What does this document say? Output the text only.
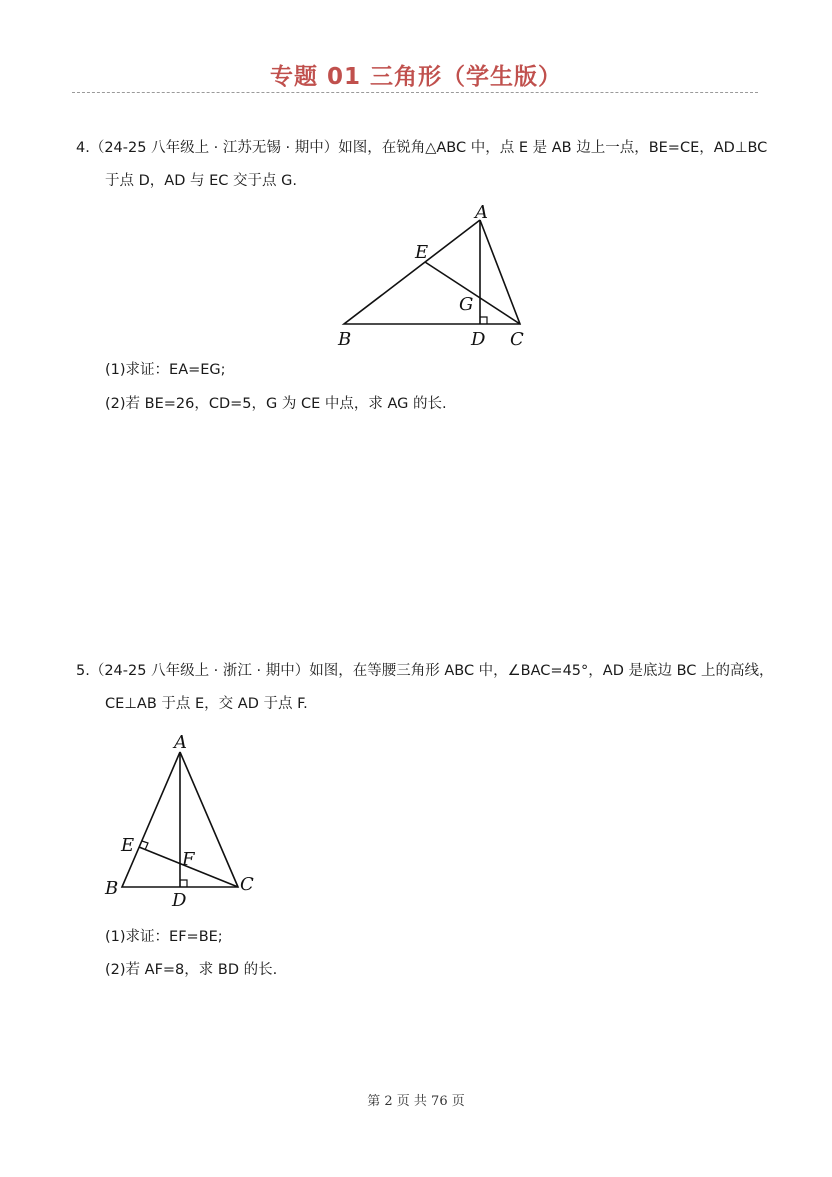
专题 01 三角形（学生版）
4.（24-25 八年级上 · 江苏无锡 · 期中）如图，在锐角△ABC 中，点 E 是 AB 边上一点，BE=CE，AD⊥BC
于点 D，AD 与 EC 交于点 G.
A
E
G
B	D C
(1)求证：EA=EG;
(2)若 BE=26，CD=5，G 为 CE 中点，求 AG 的长.
5.（24-25 八年级上 · 浙江 · 期中）如图，在等腰三角形 ABC 中，∠BAC=45°，AD 是底边 BC 上的高线，
CE⊥AB 于点 E，交 AD 于点 F.
A
E
F
B
D
C
(1)求证：EF=BE;
(2)若 AF=8，求 BD 的长.
第 2 页 共 76 页
